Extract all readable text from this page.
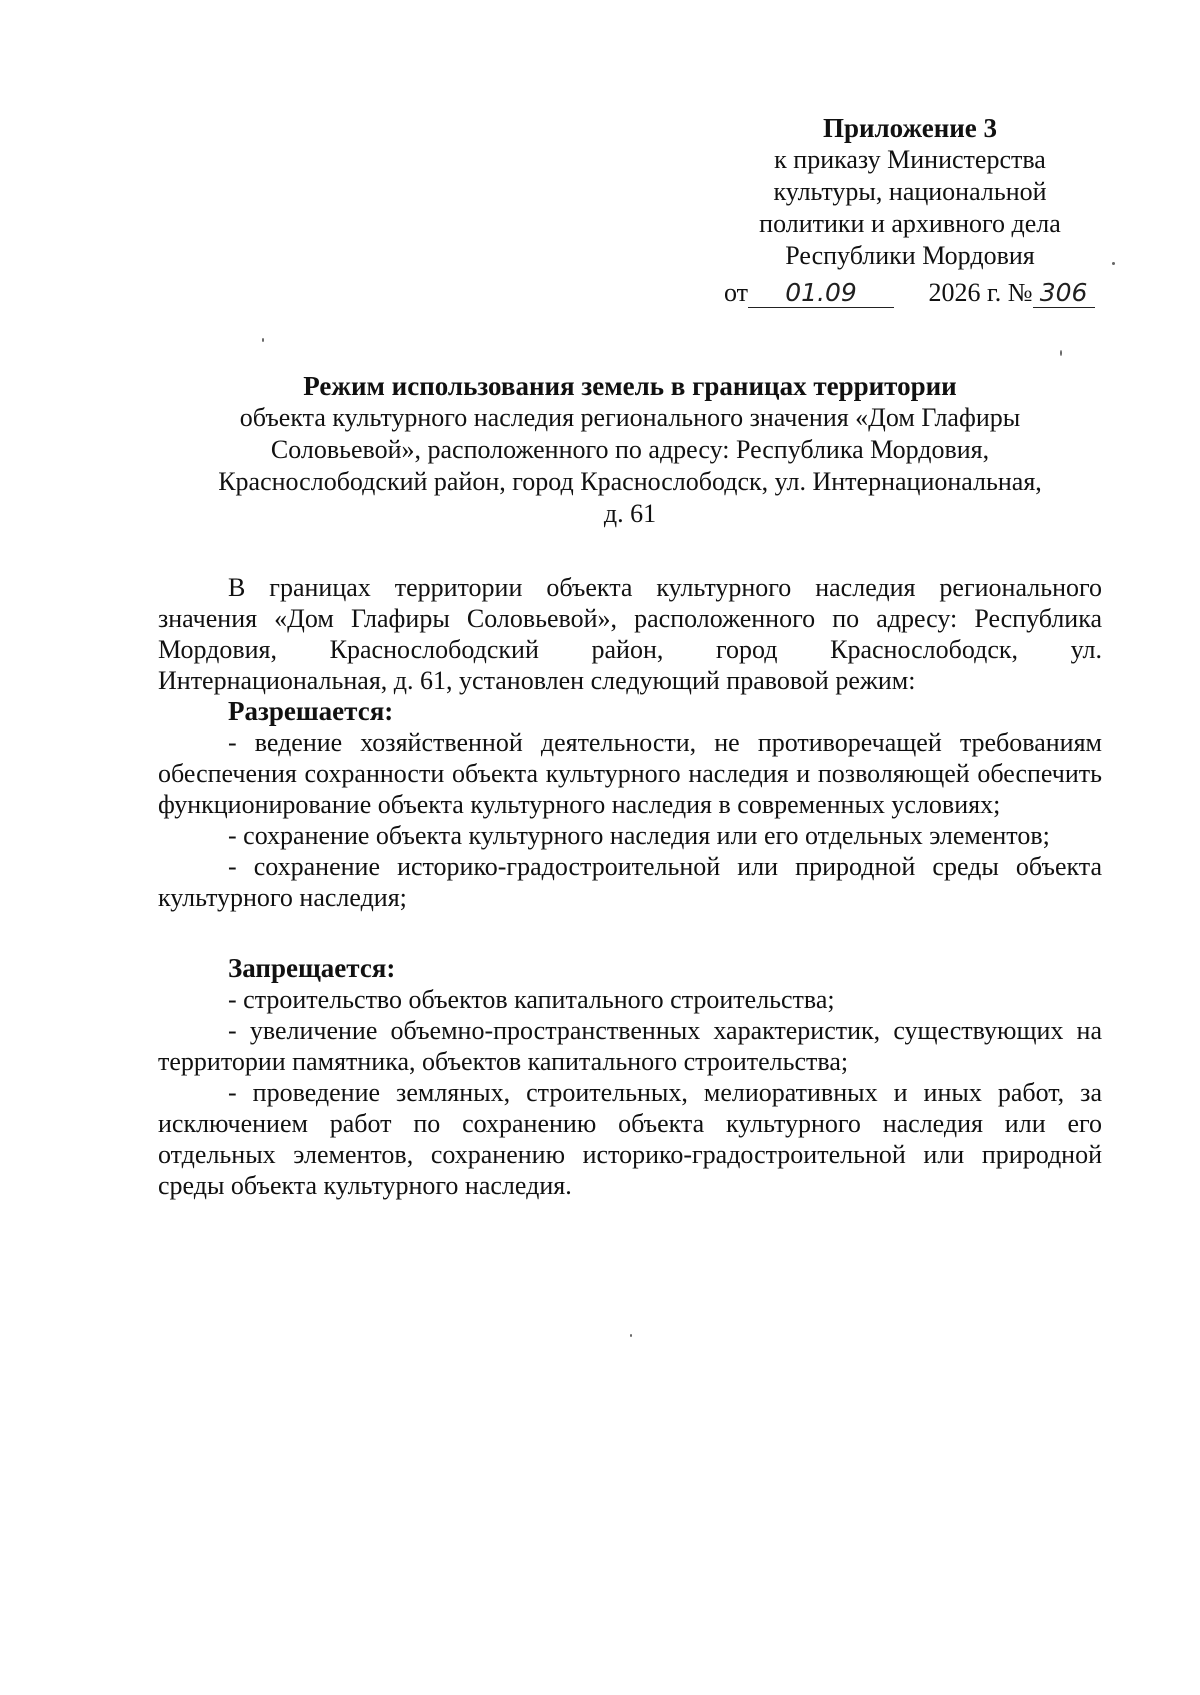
Приложение 3
к приказу Министерства
культуры, национальной
политики и архивного дела
Республики Мордовия
от 01.09	2026 г. № 306
Режим использования земель в границах территории
объекта культурного наследия регионального значения «Дом Глафиры
Соловьевой», расположенного по адресу: Республика Мордовия,
Краснослободский район, город Краснослободск, ул. Интернациональная,
д. 61

В границах территории объекта культурного наследия регионального значения «Дом Глафиры Соловьевой», расположенного по адресу: Республика Мордовия, Краснослободский район, город Краснослободск, ул. Интернациональная, д. 61, установлен следующий правовой режим:

Разрешается:

- ведение хозяйственной деятельности, не противоречащей требованиям обеспечения сохранности объекта культурного наследия и позволяющей обеспечить функционирование объекта культурного наследия в современных условиях;

- сохранение объекта культурного наследия или его отдельных элементов;

- сохранение историко-градостроительной или природной среды объекта культурного наследия;

Запрещается:

- строительство объектов капитального строительства;

- увеличение объемно-пространственных характеристик, существующих на территории памятника, объектов капитального строительства;

- проведение земляных, строительных, мелиоративных и иных работ, за исключением работ по сохранению объекта культурного наследия или его отдельных элементов, сохранению историко-градостроительной или природной среды объекта культурного наследия.
